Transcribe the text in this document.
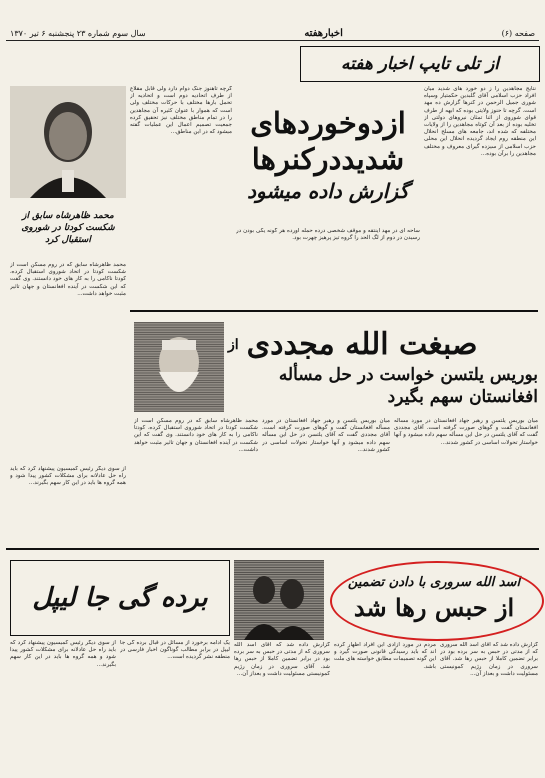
صفحه (۶)
اخبارهفته
سال سوم شماره ۲۳ پنجشنبه ۶ تیر ۱۳۷۰
از تلی تایپ اخبار هفته
نتایج مجاهدین را ز دو خورد های شدید میان افراد حزب اسلامی آقای گلبدین حکمتیار وسپاه شوری جمیل الرحمن در کنرها گزارش ده مهد است. گرچه تا حنوز ولایتی بوده که ابهه از طرف قوای شوروی از اثنا تمثان نیروهای دولتی از تخلیه بوده از بعد آن کوتاه مجاهدین را از ولایات مختلفه که شده اند، جامعه های مسلح انحلال این منطقه روم ایجاد گردیده انحلال این محلی حزب اسلامی از سیزده گیرای معروف و مختلف مجاهدین را برآن بوده...
ازدوخوردهای
شدیددرکنرها
گزارش داده میشود
گرچه تاهنوز جنگ دوام دارد ولی قابل مقلاع از طرف اتحادیه دوم است و اتحادیه از تحمل بارها مختلف با حرکات مختلف ولی است که هموار با عنوان کثیره آن مجاهدین را در تمام مناطق مختلف نیز تحقیق کرده جمعیت تصمیم اعمال این عملیات گفته میشود که در این مناطق...
ساحه ای در مهد اینتقه و موقف شخصی درده حمله آورده هر گونه یکی بودن در رسیدن در دوم از لگ الحد را گروه تیز پرهیز چهرت بود.
محمد ظاهرشاه سابق از شکست کودتا در شوروی استقبال کرد
محمد ظاهرشاه سابق که در روم مسکن است از شکست کودتا در اتحاد شوروی استقبال کرده، کودتا ناکامی را به کار های خود دانستند. وی گفت که این شکست در آینده افغانستان و جهان تاثیر مثبت خواهد داشت...
صبغت الله مجددی
از
بوریس یلتسن خواست در حل مسأله افغانستان سهم بگیرد
میان بوریس یلتسن و رهبر جهاد افغانستان در مورد مسأله افغانستان گفت و گوهای صورت گرفته است. آقای مجددی گفت که آقای یلتسن در حل این مسأله سهم داده میشود و آنها خواستار تحولات اساسی در کشور شدند...
میان بوریس یلتسن و رهبر جهاد افغانستان در مورد مسأله افغانستان گفت و گوهای صورت گرفته است. آقای مجددی گفت که آقای یلتسن در حل این مسأله سهم داده میشود و آنها خواستار تحولات اساسی در کشور شدند...
محمد ظاهرشاه سابق که در روم مسکن است از شکست کودتا در اتحاد شوروی استقبال کرده، کودتا ناکامی را به کار های خود دانستند. وی گفت که این شکست در آینده افغانستان و جهان تاثیر مثبت خواهد داشت...
از سوی دیگر رئیس کمیسیون پیشنهاد کرد که باید راه حل عادلانه برای مشکلات کشور پیدا شود و همه گروه ها باید در این کار سهم بگیرند...
برده گی جا لیپل
اسد الله سروری با دادن تضمین
از حبس رها شد
گزارش داده شد که آقای اسد الله سروری که از مدتی در حبس به سر برده بود در برابر تضمین کاملا از حبس رها شد. آقای سروری در زمان رژیم کمونیستی مسئولیت داشت و بعداز آن...
مردم در مورد آزادی این افراد اظهار کرده اند که باید رسیدگی قانونی صورت گیرد و این گونه تصمیمات مطابق خواسته های ملت باشد.
گزارش داده شد که آقای اسد الله سروری که از مدتی در حبس به سر برده بود در برابر تضمین کاملا از حبس رها شد. آقای سروری در زمان رژیم کمونیستی مسئولیت داشت و بعداز آن...
یک ادامه برخورد از مسائل در قبال برده گی جا لیپل در برابر مطالب گوناگون اخبار فارسی در منطقه نشر گردیده است...
از سوی دیگر رئیس کمیسیون پیشنهاد کرد که باید راه حل عادلانه برای مشکلات کشور پیدا شود و همه گروه ها باید در این کار سهم بگیرند...
